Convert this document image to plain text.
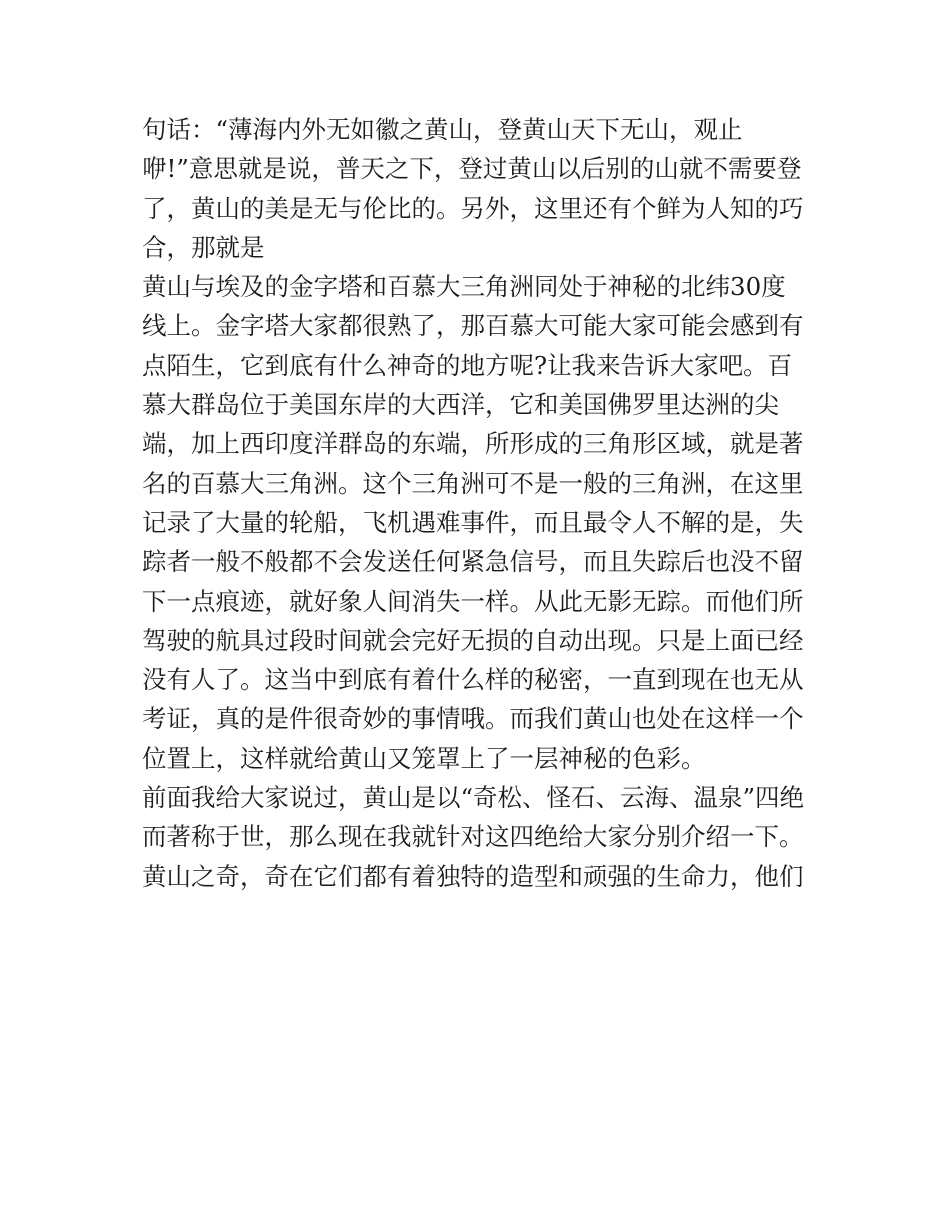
句话：“薄海内外无如徽之黄山，登黄山天下无山，观止
咿!”意思就是说，普天之下，登过黄山以后别的山就不需要登
了，黄山的美是无与伦比的。另外，这里还有个鲜为人知的巧
合，那就是
黄山与埃及的金字塔和百慕大三角洲同处于神秘的北纬30度
线上。金字塔大家都很熟了，那百慕大可能大家可能会感到有
点陌生，它到底有什么神奇的地方呢?让我来告诉大家吧。百
慕大群岛位于美国东岸的大西洋，它和美国佛罗里达洲的尖
端，加上西印度洋群岛的东端，所形成的三角形区域，就是著
名的百慕大三角洲。这个三角洲可不是一般的三角洲，在这里
记录了大量的轮船，飞机遇难事件，而且最令人不解的是，失
踪者一般不般都不会发送任何紧急信号，而且失踪后也没不留
下一点痕迹，就好象人间消失一样。从此无影无踪。而他们所
驾驶的航具过段时间就会完好无损的自动出现。只是上面已经
没有人了。这当中到底有着什么样的秘密，一直到现在也无从
考证，真的是件很奇妙的事情哦。而我们黄山也处在这样一个
位置上，这样就给黄山又笼罩上了一层神秘的色彩。
前面我给大家说过，黄山是以“奇松、怪石、云海、温泉”四绝
而著称于世，那么现在我就针对这四绝给大家分别介绍一下。
黄山之奇，奇在它们都有着独特的造型和顽强的生命力，他们
